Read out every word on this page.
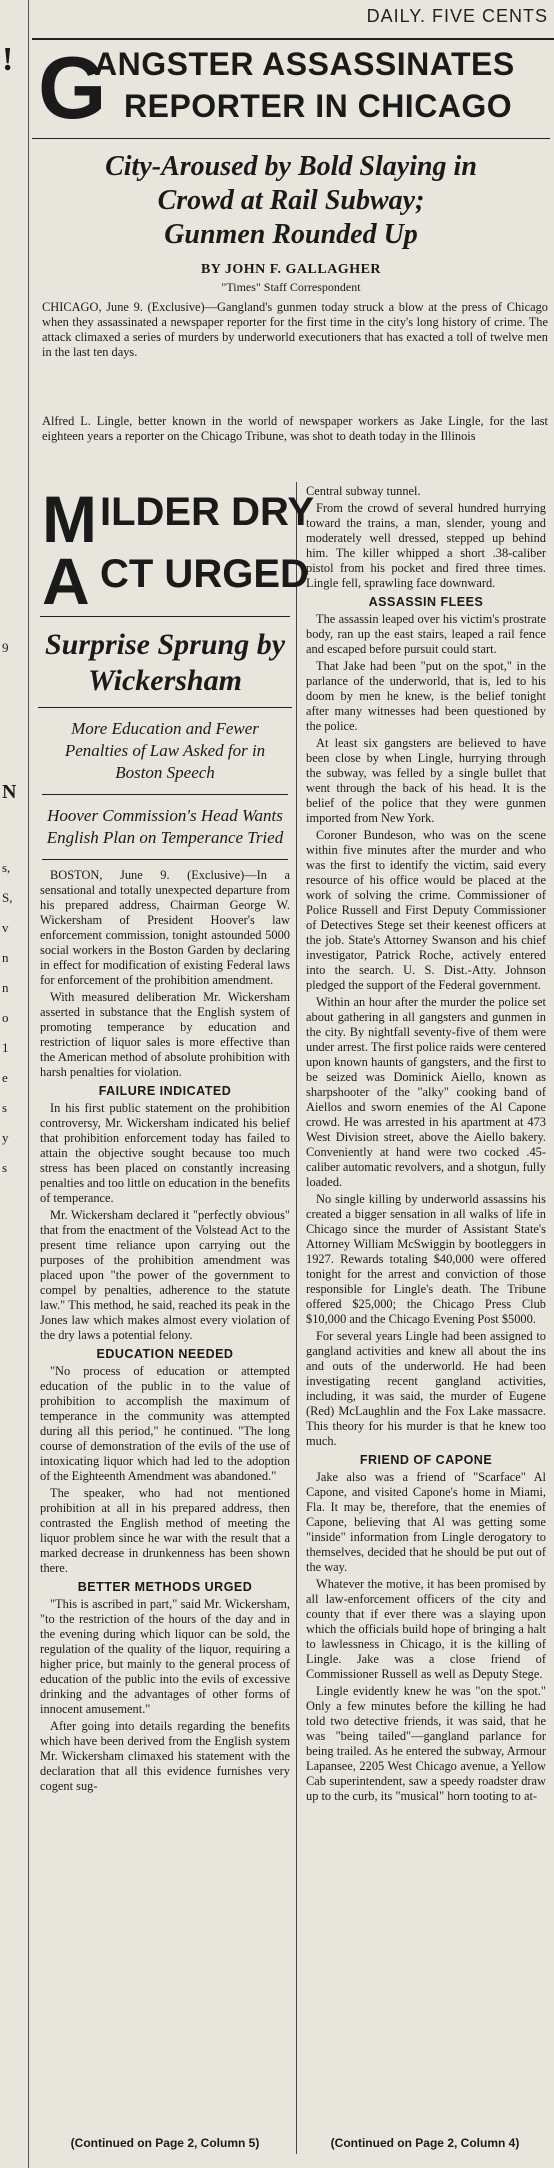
!
9
N
s,
S,
v
n
n
o
1
e
s
y
s
DAILY. FIVE CENTS
G
ANGSTER ASSASSINATES
REPORTER IN CHICAGO
City-Aroused by Bold Slaying in
Crowd at Rail Subway;
Gunmen Rounded Up
BY JOHN F. GALLAGHER
"Times" Staff Correspondent
CHICAGO, June 9. (Exclusive)—Gangland's gunmen today struck a blow at the press of Chicago when they assassinated a newspaper reporter for the first time in the city's long history of crime. The attack climaxed a series of murders by underworld executioners that has exacted a toll of twelve men in the last ten days.
Alfred L. Lingle, better known in the world of newspaper workers as Jake Lingle, for the last eighteen years a reporter on the Chicago Tribune, was shot to death today in the Illinois
M ILDER DRY
A CT URGED
Surprise Sprung by Wickersham
More Education and Fewer Penalties of Law Asked for in Boston Speech
Hoover Commission's Head Wants English Plan on Temperance Tried

BOSTON, June 9. (Exclusive)—In a sensational and totally unexpected departure from his prepared address, Chairman George W. Wickersham of President Hoover's law enforcement commission, tonight astounded 5000 social workers in the Boston Garden by declaring in effect for modification of existing Federal laws for enforcement of the prohibition amendment.

With measured deliberation Mr. Wickersham asserted in substance that the English system of promoting temperance by education and restriction of liquor sales is more effective than the American method of absolute prohibition with harsh penalties for violation.

FAILURE INDICATED

In his first public statement on the prohibition controversy, Mr. Wickersham indicated his belief that prohibition enforcement today has failed to attain the objective sought because too much stress has been placed on constantly increasing penalties and too little on education in the benefits of temperance.

Mr. Wickersham declared it "perfectly obvious" that from the enactment of the Volstead Act to the present time reliance upon carrying out the purposes of the prohibition amendment was placed upon "the power of the government to compel by penalties, adherence to the statute law." This method, he said, reached its peak in the Jones law which makes almost every violation of the dry laws a potential felony.

EDUCATION NEEDED

"No process of education or attempted education of the public in to the value of prohibition to accomplish the maximum of temperance in the community was attempted during all this period," he continued. "The long course of demonstration of the evils of the use of intoxicating liquor which had led to the adoption of the Eighteenth Amendment was abandoned."

The speaker, who had not mentioned prohibition at all in his prepared address, then contrasted the English method of meeting the liquor problem since he war with the result that a marked decrease in drunkenness has been shown there.

BETTER METHODS URGED

"This is ascribed in part," said Mr. Wickersham, "to the restriction of the hours of the day and in the evening during which liquor can be sold, the regulation of the quality of the liquor, requiring a higher price, but mainly to the general process of education of the public into the evils of excessive drinking and the advantages of other forms of innocent amusement."

After going into details regarding the benefits which have been derived from the English system Mr. Wickersham climaxed his statement with the declaration that all this evidence furnishes very cogent sug-

(Continued on Page 2, Column 5)

Central subway tunnel.

From the crowd of several hundred hurrying toward the trains, a man, slender, young and moderately well dressed, stepped up behind him. The killer whipped a short .38-caliber pistol from his pocket and fired three times. Lingle fell, sprawling face downward.

ASSASSIN FLEES

The assassin leaped over his victim's prostrate body, ran up the east stairs, leaped a rail fence and escaped before pursuit could start.

That Jake had been "put on the spot," in the parlance of the underworld, that is, led to his doom by men he knew, is the belief tonight after many witnesses had been questioned by the police.

At least six gangsters are believed to have been close by when Lingle, hurrying through the subway, was felled by a single bullet that went through the back of his head. It is the belief of the police that they were gunmen imported from New York.

Coroner Bundeson, who was on the scene within five minutes after the murder and who was the first to identify the victim, said every resource of his office would be placed at the work of solving the crime. Commissioner of Police Russell and First Deputy Commissioner of Detectives Stege set their keenest officers at the job. State's Attorney Swanson and his chief investigator, Patrick Roche, actively entered into the search. U. S. Dist.-Atty. Johnson pledged the support of the Federal government.

Within an hour after the murder the police set about gathering in all gangsters and gunmen in the city. By nightfall seventy-five of them were under arrest. The first police raids were centered upon known haunts of gangsters, and the first to be seized was Dominick Aiello, known as sharpshooter of the "alky" cooking band of Aiellos and sworn enemies of the Al Capone crowd. He was arrested in his apartment at 473 West Division street, above the Aiello bakery. Conveniently at hand were two cocked .45-caliber automatic revolvers, and a shotgun, fully loaded.

No single killing by underworld assassins his created a bigger sensation in all walks of life in Chicago since the murder of Assistant State's Attorney William McSwiggin by bootleggers in 1927. Rewards totaling $40,000 were offered tonight for the arrest and conviction of those responsible for Lingle's death. The Tribune offered $25,000; the Chicago Press Club $10,000 and the Chicago Evening Post $5000.

For several years Lingle had been assigned to gangland activities and knew all about the ins and outs of the underworld. He had been investigating recent gangland activities, including, it was said, the murder of Eugene (Red) McLaughlin and the Fox Lake massacre. This theory for his murder is that he knew too much.

FRIEND OF CAPONE

Jake also was a friend of "Scarface" Al Capone, and visited Capone's home in Miami, Fla. It may be, therefore, that the enemies of Capone, believing that Al was getting some "inside" information from Lingle derogatory to themselves, decided that he should be put out of the way.

Whatever the motive, it has been promised by all law-enforcement officers of the city and county that if ever there was a slaying upon which the officials build hope of bringing a halt to lawlessness in Chicago, it is the killing of Lingle. Jake was a close friend of Commissioner Russell as well as Deputy Stege.

Lingle evidently knew he was "on the spot." Only a few minutes before the killing he had told two detective friends, it was said, that he was "being tailed"—gangland parlance for being trailed. As he entered the subway, Armour Lapansee, 2205 West Chicago avenue, a Yellow Cab superintendent, saw a speedy roadster draw up to the curb, its "musical" horn tooting to at-

(Continued on Page 2, Column 4)
